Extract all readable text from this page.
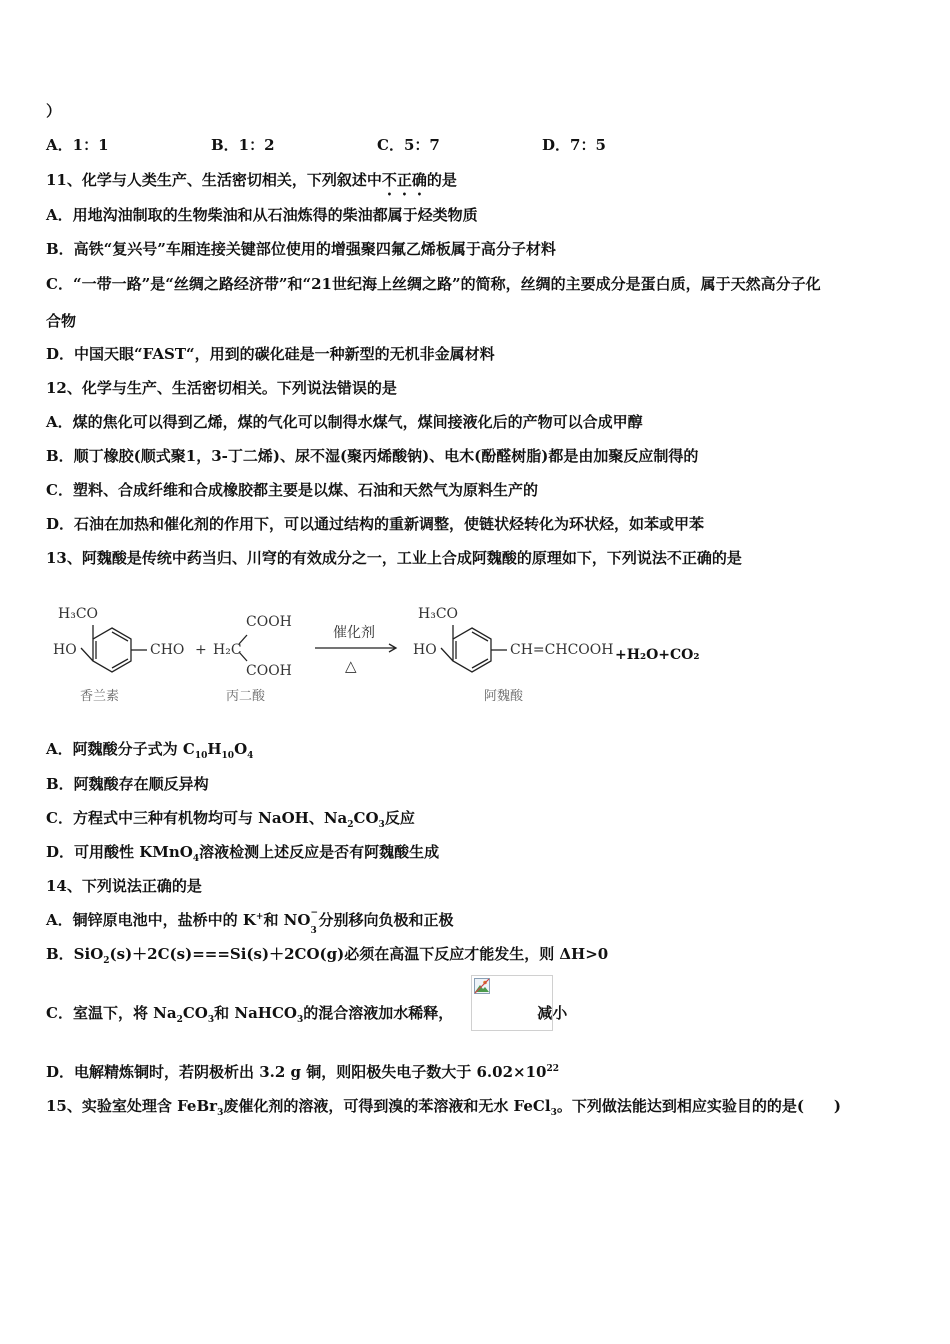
）
A．1：1	B．1：2	C．5：7	D．7：5
11、化学与人类生产、生活密切相关，下列叙述中不正确的是
A．用地沟油制取的生物柴油和从石油炼得的柴油都属于烃类物质
B．高铁“复兴号”车厢连接关键部位使用的增强聚四氟乙烯板属于高分子材料
C．“一带一路”是“丝绸之路经济带”和“21世纪海上丝绸之路”的简称，丝绸的主要成分是蛋白质，属于天然高分子化
合物
D．中国天眼“FAST“，用到的碳化硅是一种新型的无机非金属材料
12、化学与生产、生活密切相关。下列说法错误的是
A．煤的焦化可以得到乙烯，煤的气化可以制得水煤气，煤间接液化后的产物可以合成甲醇
B．顺丁橡胶(顺式聚1，3-丁二烯)、尿不湿(聚丙烯酸钠)、电木(酚醛树脂)都是由加聚反应制得的
C．塑料、合成纤维和合成橡胶都主要是以煤、石油和天然气为原料生产的
D．石油在加热和催化剂的作用下，可以通过结构的重新调整，使链状烃转化为环状烃，如苯或甲苯
13、阿魏酸是传统中药当归、川穹的有效成分之一，工业上合成阿魏酸的原理如下，下列说法不正确的是
H₃CO
HO	CHO +
COOH
H₂C
COOH
催化剂
△
H₃CO
HO	CH=CHCOOH +H₂O+CO₂
香兰素	丙二酸	阿魏酸
A．阿魏酸分子式为 $C_{10}H_{10}O_4$
B．阿魏酸存在顺反异构
C．方程式中三种有机物均可与 NaOH、$Na_2CO_3$反应
D．可用酸性 KMnO$_4$溶液检测上述反应是否有阿魏酸生成
14、下列说法正确的是
A．铜锌原电池中，盐桥中的 K+和 NO −
3
分别移向负极和正极
B．SiO$_2$(s)＋2C(s)===Si(s)＋2CO(g)必须在高温下反应才能发生，则 ΔH>0
C．室温下，将 $Na_2CO_3$和 NaHCO$_3$的混合溶液加水稀释，	减小
D．电解精炼铜时，若阴极析出 3.2 g 铜，则阳极失电子数大于 $6.02\times 10^{22}$
15、实验室处理含 FeBr$_3$废催化剂的溶液，可得到溴的苯溶液和无水 FeCl$_3$。下列做法能达到相应实验目的的是(　　)
